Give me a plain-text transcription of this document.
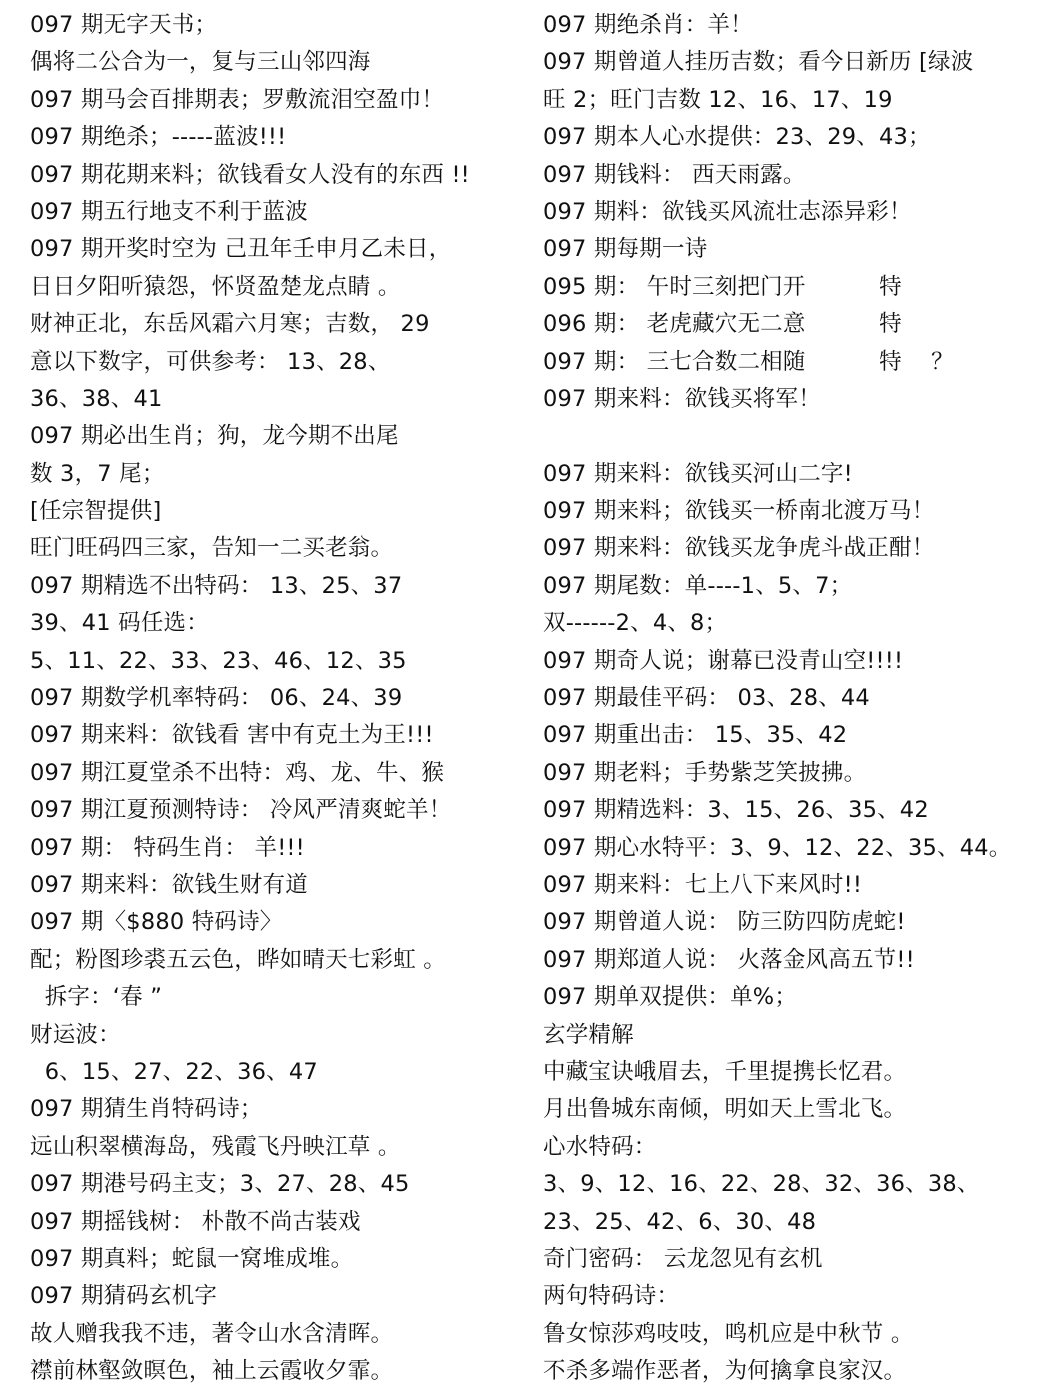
097 期无字天书；
偶将二公合为一，复与三山邻四海
097 期马会百排期表；罗敷流泪空盈巾！
097 期绝杀；-----蓝波!!!
097 期花期来料；欲钱看女人没有的东西 !!
097 期五行地支不利于蓝波
097 期开奖时空为 己丑年壬申月乙未日，
日日夕阳听猿怨，怀贤盈楚龙点睛 。
财神正北，东岳风霜六月寒；吉数， 29
意以下数字，可供参考： 13、28、
36、38、41
097 期必出生肖；狗，龙今期不出尾
数 3，7 尾；
[任宗智提供]
旺门旺码四三家，告知一二买老翁。
097 期精选不出特码： 13、25、37
39、41 码任选：
5、11、22、33、23、46、12、35
097 期数学机率特码： 06、24、39
097 期来料：欲钱看 害中有克土为王!!!
097 期江夏堂杀不出特：鸡、龙、牛、猴
097 期江夏预测特诗： 冷风严清爽蛇羊！
097 期： 特码生肖： 羊!!!
097 期来料：欲钱生财有道
097 期〈$880 特码诗〉
配；粉图珍裘五云色，晔如晴天七彩虹 。
拆字：‘春 ”
财运波：
6、15、27、22、36、47
097 期猜生肖特码诗；
远山积翠横海岛，残霞飞丹映江草 。
097 期港号码主支；3、27、28、45
097 期摇钱树： 朴散不尚古装戏
097 期真料；蛇鼠一窝堆成堆。
097 期猜码玄机字
故人赠我我不违，著令山水含清晖。
襟前林壑敛暝色，袖上云霞收夕霏。
097 期绝杀肖：羊！
097 期曾道人挂历吉数；看今日新历 [绿波
旺 2；旺门吉数 12、16、17、19
097 期本人心水提供：23、29、43；
097 期钱料： 西天雨露。
097 期料：欲钱买风流壮志添异彩！
097 期每期一诗
095 期： 午时三刻把门开          特
096 期： 老虎藏穴无二意          特
097 期： 三七合数二相随          特    ？
097 期来料：欲钱买将军！
097 期来料：欲钱买河山二字!
097 期来料；欲钱买一桥南北渡万马！
097 期来料：欲钱买龙争虎斗战正酣！
097 期尾数：单----1、5、7；
双------2、4、8；
097 期奇人说；谢幕已没青山空!!!!
097 期最佳平码： 03、28、44
097 期重出击： 15、35、42
097 期老料；手势紫芝笑披拂。
097 期精选料：3、15、26、35、42
097 期心水特平：3、9、12、22、35、44。
097 期来料：七上八下来风时!!
097 期曾道人说： 防三防四防虎蛇!
097 期郑道人说： 火落金风高五节!!
097 期单双提供：单%；
玄学精解
中藏宝诀峨眉去，千里提携长忆君。
月出鲁城东南倾，明如天上雪北飞。
心水特码：
3、9、12、16、22、28、32、36、38、
23、25、42、6、30、48
奇门密码： 云龙忽见有玄机
两句特码诗：
鲁女惊莎鸡吱吱，鸣机应是中秋节 。
不杀多端作恶者，为何擒拿良家汉。
